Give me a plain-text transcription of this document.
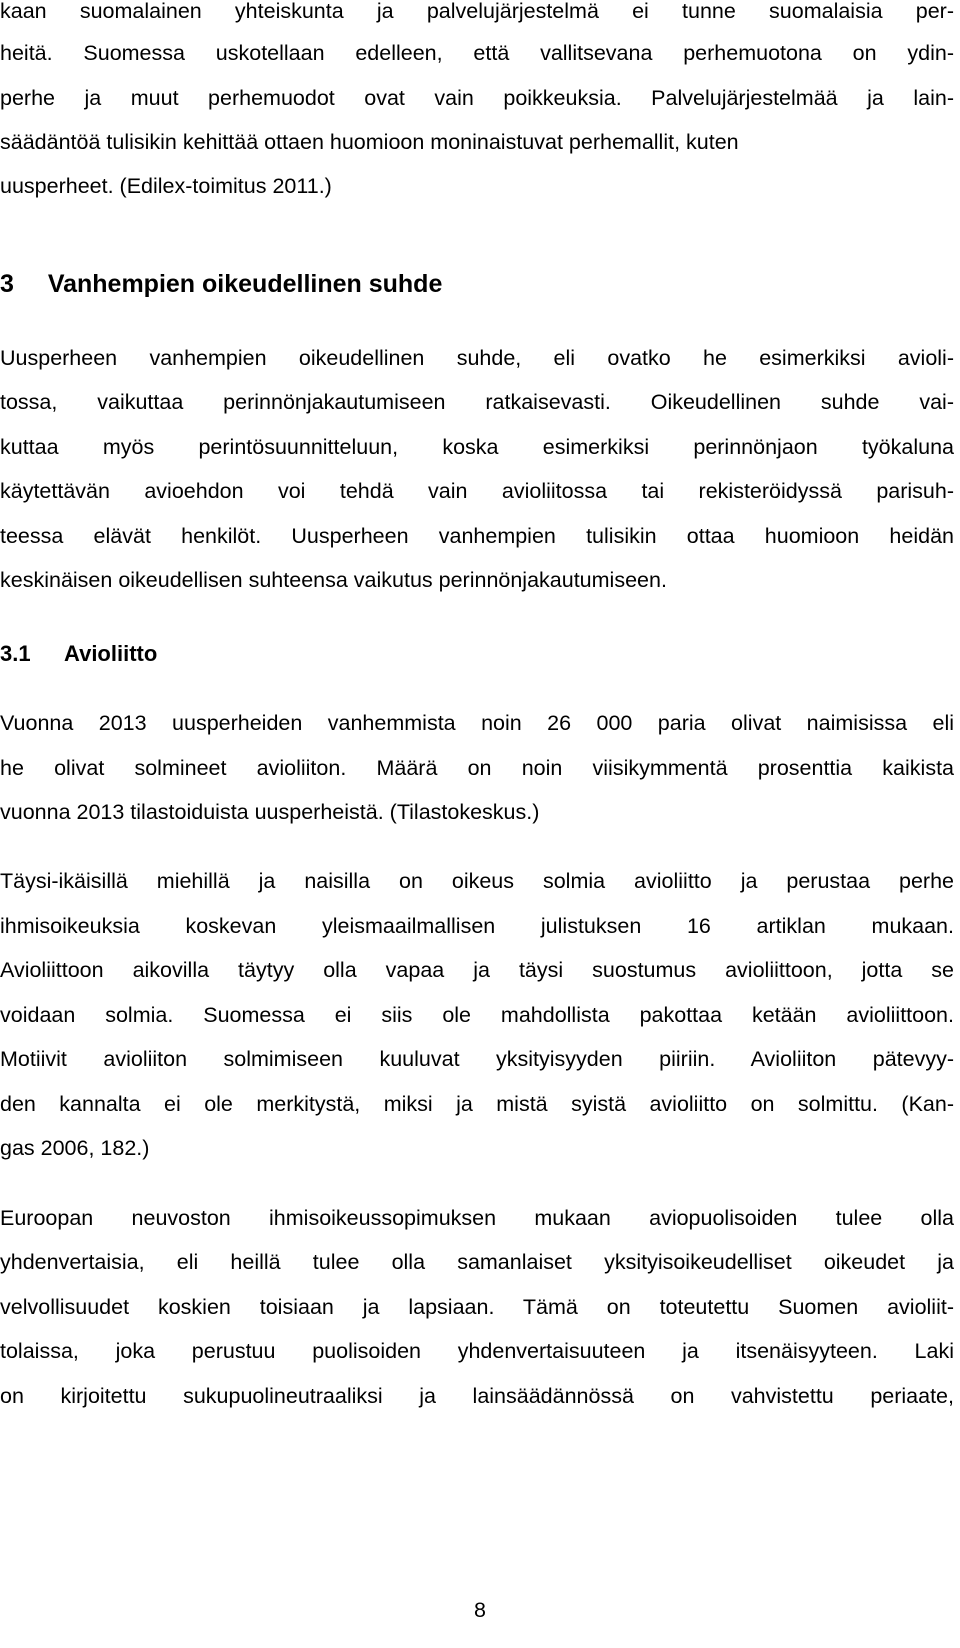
kaan suomalainen yhteiskunta ja palvelujärjestelmä ei tunne suomalaisia per-
heitä. Suomessa uskotellaan edelleen, että vallitsevana perhemuotona on ydin-
perhe ja muut perhemuodot ovat vain poikkeuksia. Palvelujärjestelmää ja lain-
säädäntöä tulisikin kehittää ottaen huomioon moninaistuvat perhemallit, kuten
uusperheet. (Edilex-toimitus 2011.)
3 Vanhempien oikeudellinen suhde
Uusperheen vanhempien oikeudellinen suhde, eli ovatko he esimerkiksi avioli-
tossa, vaikuttaa perinnönjakautumiseen ratkaisevasti. Oikeudellinen suhde vai-
kuttaa myös perintösuunnitteluun, koska esimerkiksi perinnönjaon työkaluna
käytettävän avioehdon voi tehdä vain avioliitossa tai rekisteröidyssä parisuh-
teessa elävät henkilöt. Uusperheen vanhempien tulisikin ottaa huomioon heidän
keskinäisen oikeudellisen suhteensa vaikutus perinnönjakautumiseen.
3.1 Avioliitto
Vuonna 2013 uusperheiden vanhemmista noin 26 000 paria olivat naimisissa eli
he olivat solmineet avioliiton. Määrä on noin viisikymmentä prosenttia kaikista
vuonna 2013 tilastoiduista uusperheistä. (Tilastokeskus.)
Täysi-ikäisillä miehillä ja naisilla on oikeus solmia avioliitto ja perustaa perhe
ihmisoikeuksia koskevan yleismaailmallisen julistuksen 16 artiklan mukaan.
Avioliittoon aikovilla täytyy olla vapaa ja täysi suostumus avioliittoon, jotta se
voidaan solmia. Suomessa ei siis ole mahdollista pakottaa ketään avioliittoon.
Motiivit avioliiton solmimiseen kuuluvat yksityisyyden piiriin. Avioliiton pätevyy-
den kannalta ei ole merkitystä, miksi ja mistä syistä avioliitto on solmittu. (Kan-
gas 2006, 182.)
Euroopan neuvoston ihmisoikeussopimuksen mukaan aviopuolisoiden tulee olla
yhdenvertaisia, eli heillä tulee olla samanlaiset yksityisoikeudelliset oikeudet ja
velvollisuudet koskien toisiaan ja lapsiaan. Tämä on toteutettu Suomen avioliit-
tolaissa, joka perustuu puolisoiden yhdenvertaisuuteen ja itsenäisyyteen. Laki
on kirjoitettu sukupuolineutraaliksi ja lainsäädännössä on vahvistettu periaate,
8
